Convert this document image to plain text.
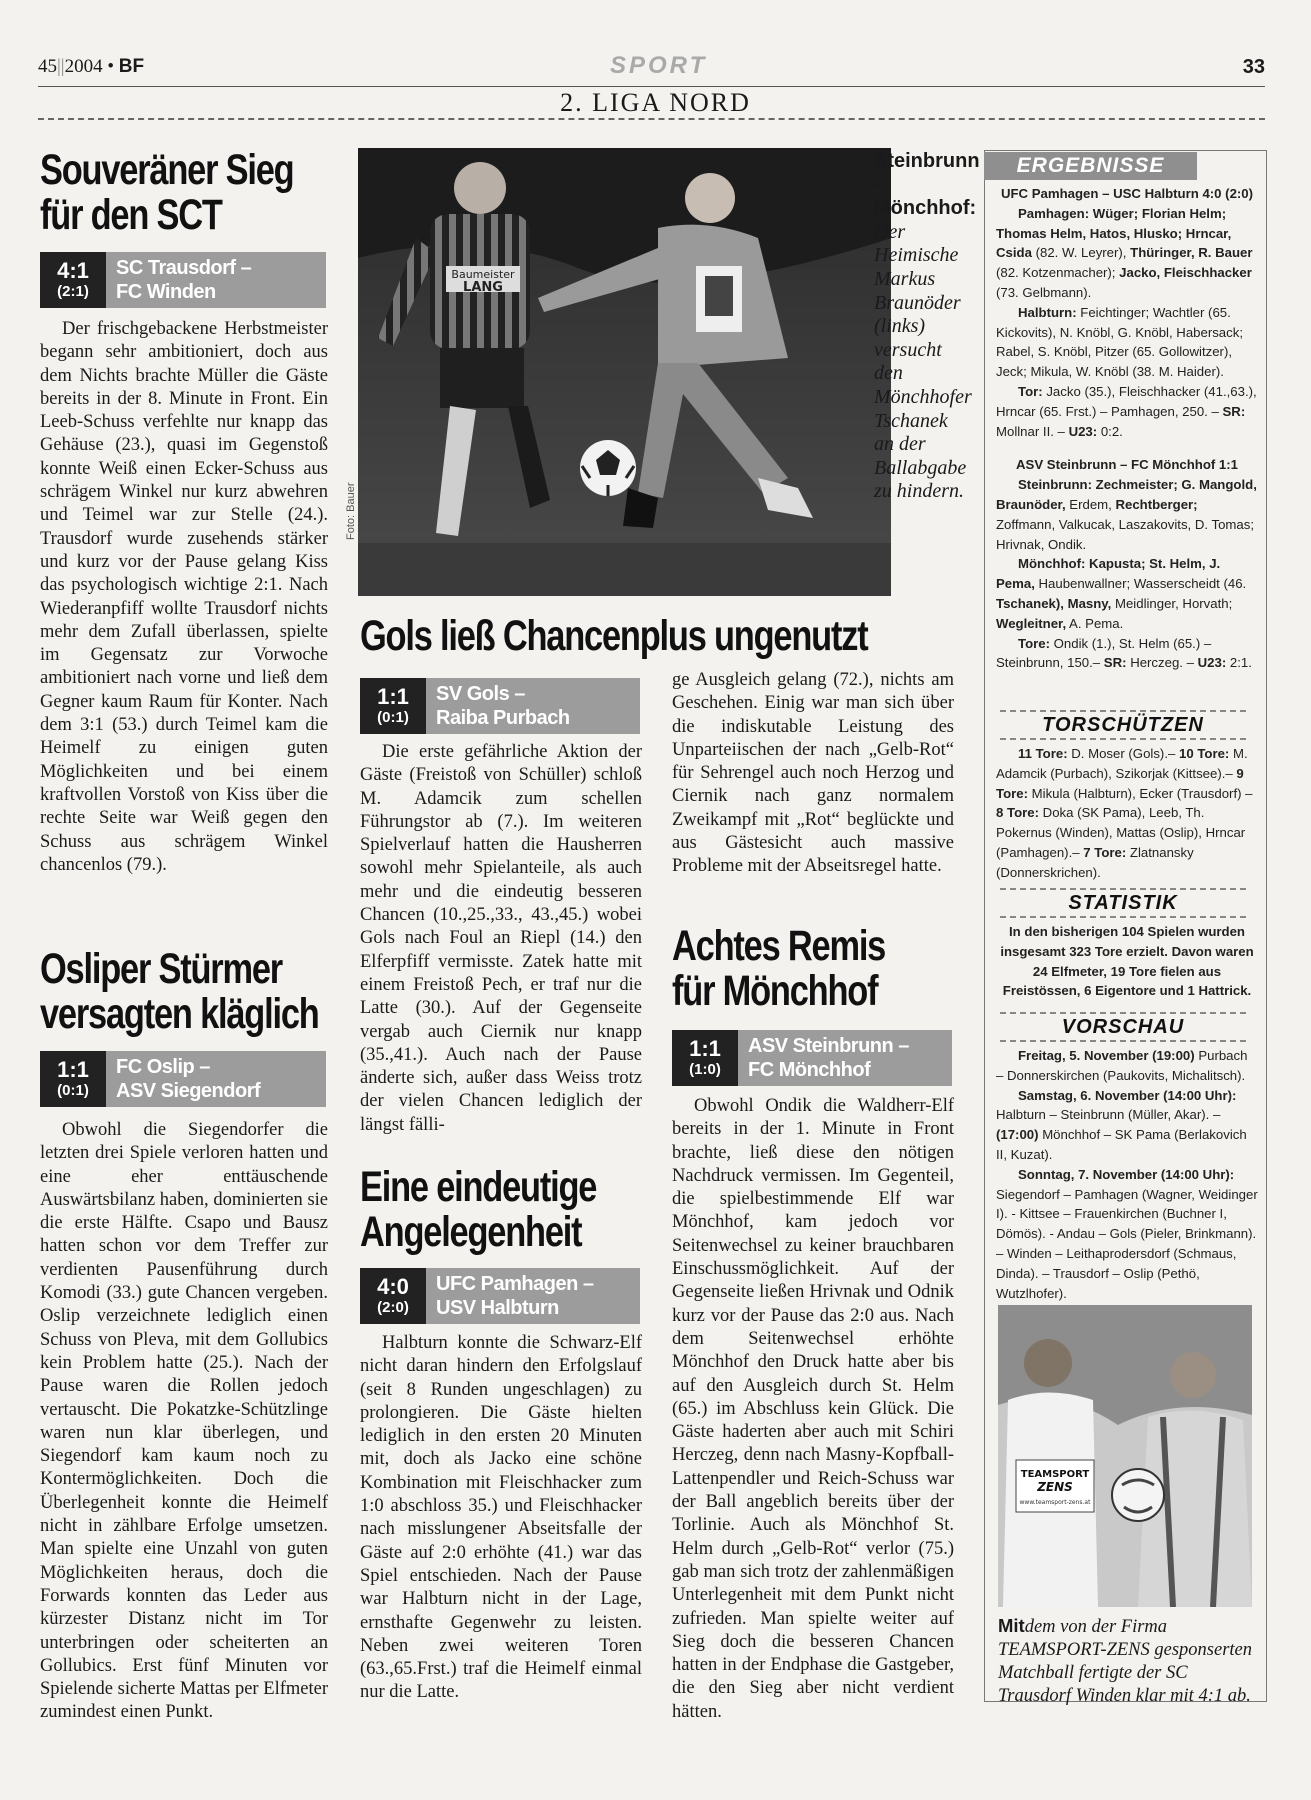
45||2004 • BF	SPORT	33
2. LIGA NORD
Souveräner Sieg
für den SCT
4:1
(2:1)
SC Trausdorf –
FC Winden

Der frischgebackene Herbstmeister begann sehr ambitioniert, doch aus dem Nichts brachte Müller die Gäste bereits in der 8. Minute in Front. Ein Leeb-Schuss verfehlte nur knapp das Gehäuse (23.), quasi im Gegenstoß konnte Weiß einen Ecker-Schuss aus schrägem Winkel nur kurz abwehren und Teimel war zur Stelle (24.). Trausdorf wurde zusehends stärker und kurz vor der Pause gelang Kiss das psychologisch wichtige 2:1. Nach Wiederanpfiff wollte Trausdorf nichts mehr dem Zufall überlassen, spielte im Gegensatz zur Vorwoche ambitioniert nach vorne und ließ dem Gegner kaum Raum für Konter. Nach dem 3:1 (53.) durch Teimel kam die Heimelf zu einigen guten Möglichkeiten und bei einem kraftvollen Vorstoß von Kiss über die rechte Seite war Weiß gegen den Schuss aus schrägem Winkel chancenlos (79.).

Osliper Stürmer
versagten kläglich
1:1
(0:1)
FC Oslip –
ASV Siegendorf

Obwohl die Siegendorfer die letzten drei Spiele verloren hatten und eine eher enttäuschende Auswärtsbilanz haben, dominierten sie die erste Hälfte. Csapo und Bausz hatten schon vor dem Treffer zur verdienten Pausenführung durch Komodi (33.) gute Chancen vergeben. Oslip verzeichnete lediglich einen Schuss von Pleva, mit dem Gollubics kein Problem hatte (25.). Nach der Pause waren die Rollen jedoch vertauscht. Die Pokatzke-Schützlinge waren nun klar überlegen, und Siegendorf kam kaum noch zu Kontermöglichkeiten. Doch die Überlegenheit konnte die Heimelf nicht in zählbare Erfolge umsetzen. Man spielte eine Unzahl von guten Möglichkeiten heraus, doch die Forwards konnten das Leder aus kürzester Distanz nicht im Tor unterbringen oder scheiterten an Gollubics. Erst fünf Minuten vor Spielende sicherte Mattas per Elfmeter zumindest einen Punkt.

Baumeister
LANG
Foto: Bauer
Steinbrunn - Mönchhof: Der Heimische Markus Braunöder (links) versucht den Mönchhofer Tschanek an der Ballabgabe zu hindern.
Gols ließ Chancenplus ungenutzt
1:1
(0:1)
SV Gols –
Raiba Purbach

Die erste gefährliche Aktion der Gäste (Freistoß von Schüller) schloß M. Adamcik zum schellen Führungstor ab (7.). Im weiteren Spielverlauf hatten die Hausherren sowohl mehr Spielanteile, als auch mehr und die eindeutig besseren Chancen (10.,25.,33., 43.,45.) wobei Gols nach Foul an Riepl (14.) den Elferpfiff vermisste. Zatek hatte mit einem Freistoß Pech, er traf nur die Latte (30.). Auf der Gegenseite vergab auch Ciernik nur knapp (35.,41.). Auch nach der Pause änderte sich, außer dass Weiss trotz der vielen Chancen lediglich der längst fälli-

ge Ausgleich gelang (72.), nichts am Geschehen. Einig war man sich über die indiskutable Leistung des Unparteiischen der nach „Gelb-Rot“ für Sehrengel auch noch Herzog und Ciernik nach ganz normalem Zweikampf mit „Rot“ beglückte und aus Gästesicht auch massive Probleme mit der Abseitsregel hatte.

Achtes Remis
für Mönchhof
1:1
(1:0)
ASV Steinbrunn –
FC Mönchhof

Obwohl Ondik die Waldherr-Elf bereits in der 1. Minute in Front brachte, ließ diese den nötigen Nachdruck vermissen. Im Gegenteil, die spielbestimmende Elf war Mönchhof, kam jedoch vor Seitenwechsel zu keiner brauchbaren Einschussmöglichkeit. Auf der Gegenseite ließen Hrivnak und Odnik kurz vor der Pause das 2:0 aus. Nach dem Seitenwechsel erhöhte Mönchhof den Druck hatte aber bis auf den Ausgleich durch St. Helm (65.) im Abschluss kein Glück. Die Gäste haderten aber auch mit Schiri Herczeg, denn nach Masny-Kopfball-Lattenpendler und Reich-Schuss war der Ball angeblich bereits über der Torlinie. Auch als Mönchhof St. Helm durch „Gelb-Rot“ verlor (75.) gab man sich trotz der zahlenmäßigen Unterlegenheit mit dem Punkt nicht zufrieden. Man spielte weiter auf Sieg doch die besseren Chancen hatten in der Endphase die Gastgeber, die den Sieg aber nicht verdient hätten.

Eine eindeutige
Angelegenheit
4:0
(2:0)
UFC Pamhagen –
USV Halbturn

Halbturn konnte die Schwarz-Elf nicht daran hindern den Erfolgslauf (seit 8 Runden ungeschlagen) zu prolongieren. Die Gäste hielten lediglich in den ersten 20 Minuten mit, doch als Jacko eine schöne Kombination mit Fleischhacker zum 1:0 abschloss 35.) und Fleischhacker nach misslungener Abseitsfalle der Gäste auf 2:0 erhöhte (41.) war das Spiel entschieden. Nach der Pause war Halbturn nicht in der Lage, ernsthafte Gegenwehr zu leisten. Neben zwei weiteren Toren (63.,65.Frst.) traf die Heimelf einmal nur die Latte.

ERGEBNISSE

UFC Pamhagen – USC Halbturn 4:0 (2:0)

Pamhagen: Wüger; Florian Helm; Thomas Helm, Hatos, Hlusko; Hrncar, Csida (82. W. Leyrer), Thüringer, R. Bauer (82. Kotzenmacher); Jacko, Fleischhacker (73. Gelbmann).

Halbturn: Feichtinger; Wachtler (65. Kickovits), N. Knöbl, G. Knöbl, Habersack; Rabel, S. Knöbl, Pitzer (65. Gollowitzer), Jeck; Mikula, W. Knöbl (38. M. Haider).

Tor: Jacko (35.), Fleischhacker (41.,63.), Hrncar (65. Frst.) – Pamhagen, 250. – SR: Mollnar II. – U23: 0:2.

ASV Steinbrunn – FC Mönchhof 1:1

Steinbrunn: Zechmeister; G. Mangold, Braunöder, Erdem, Rechtberger; Zoffmann, Valkucak, Laszakovits, D. Tomas; Hrivnak, Ondik.

Mönchhof: Kapusta; St. Helm, J. Pema, Haubenwallner; Wasserscheidt (46. Tschanek), Masny, Meidlinger, Horvath; Wegleitner, A. Pema.

Tore: Ondik (1.), St. Helm (65.) – Steinbrunn, 150.– SR: Herczeg. – U23: 2:1.

TORSCHÜTZEN

11 Tore: D. Moser (Gols).– 10 Tore: M. Adamcik (Purbach), Szikorjak (Kittsee).– 9 Tore: Mikula (Halbturn), Ecker (Trausdorf) – 8 Tore: Doka (SK Pama), Leeb, Th. Pokernus (Winden), Mattas (Oslip), Hrncar (Pamhagen).– 7 Tore: Zlatnansky (Donnerskrichen).

STATISTIK
In den bisherigen 104 Spielen wurden insgesamt 323 Tore erzielt. Davon waren 24 Elfmeter, 19 Tore fielen aus Freistössen, 6 Eigentore und 1 Hattrick.
VORSCHAU

Freitag, 5. November (19:00) Purbach – Donnerskirchen (Paukovits, Michalitsch).

Samstag, 6. November (14:00 Uhr): Halbturn – Steinbrunn (Müller, Akar). – (17:00) Mönchhof – SK Pama (Berlakovich II, Kuzat).

Sonntag, 7. November (14:00 Uhr): Siegendorf – Pamhagen (Wagner, Weidinger I). - Kittsee – Frauenkirchen (Buchner I, Dömös). - Andau – Gols (Pieler, Brinkmann). – Winden – Leithaprodersdorf (Schmaus, Dinda). – Trausdorf – Oslip (Pethö, Wutzlhofer).

TEAMSPORT
ZENS
www.teamsport-zens.at
Mitdem von der Firma TEAMSPORT-ZENS gesponserten Matchball fertigte der SC Trausdorf Winden klar mit 4:1 ab.
